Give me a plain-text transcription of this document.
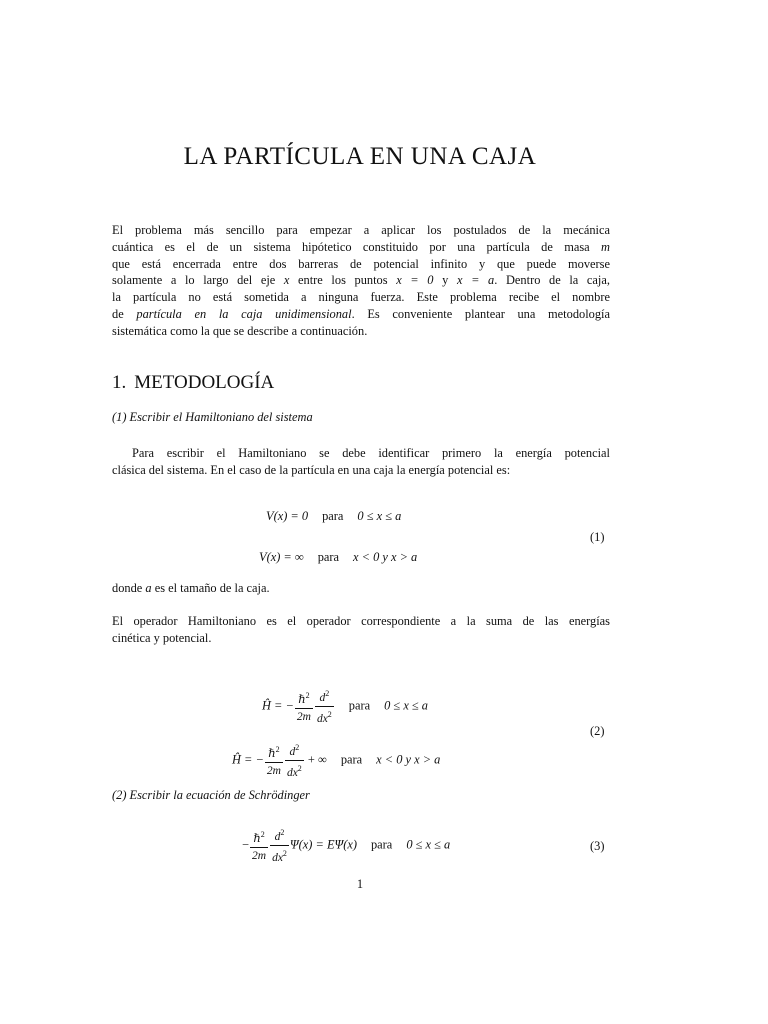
LA PARTÍCULA EN UNA CAJA
El problema más sencillo para empezar a aplicar los postulados de la mecánica
cuántica es el de un sistema hipótetico constituido por una partícula de masa m
que está encerrada entre dos barreras de potencial infinito y que puede moverse
solamente a lo largo del eje x entre los puntos x = 0 y x = a. Dentro de la caja,
la partícula no está sometida a ninguna fuerza. Este problema recibe el nombre
de partícula en la caja unidimensional. Es conveniente plantear una metodología
sistemática como la que se describe a continuación.
1. METODOLOGÍA
(1) Escribir el Hamiltoniano del sistema
Para escribir el Hamiltoniano se debe identificar primero la energía potencial
clásica del sistema. En el caso de la partícula en una caja la energía potencial es:
V(x) = 0 para 0 ≤ x ≤ a
(1)
V(x) = ∞ para x < 0 y x > a
donde a es el tamaño de la caja.
El operador Hamiltoniano es el operador correspondiente a la suma de las energías
cinética y potencial.
Ĥ = − $\frac{\hbar^2}{2m} \frac{d^2}{dx^2}$ para 0 ≤ x ≤ a
(2)
Ĥ = − $\frac{\hbar^2}{2m} \frac{d^2}{dx^2}$ + ∞ para x < 0 y x > a
(2) Escribir la ecuación de Schrödinger
− $\frac{\hbar^2}{2m} \frac{d^2}{dx^2} \Psi(x) = E\Psi(x)$ para 0 ≤ x ≤ a	(3)
1
